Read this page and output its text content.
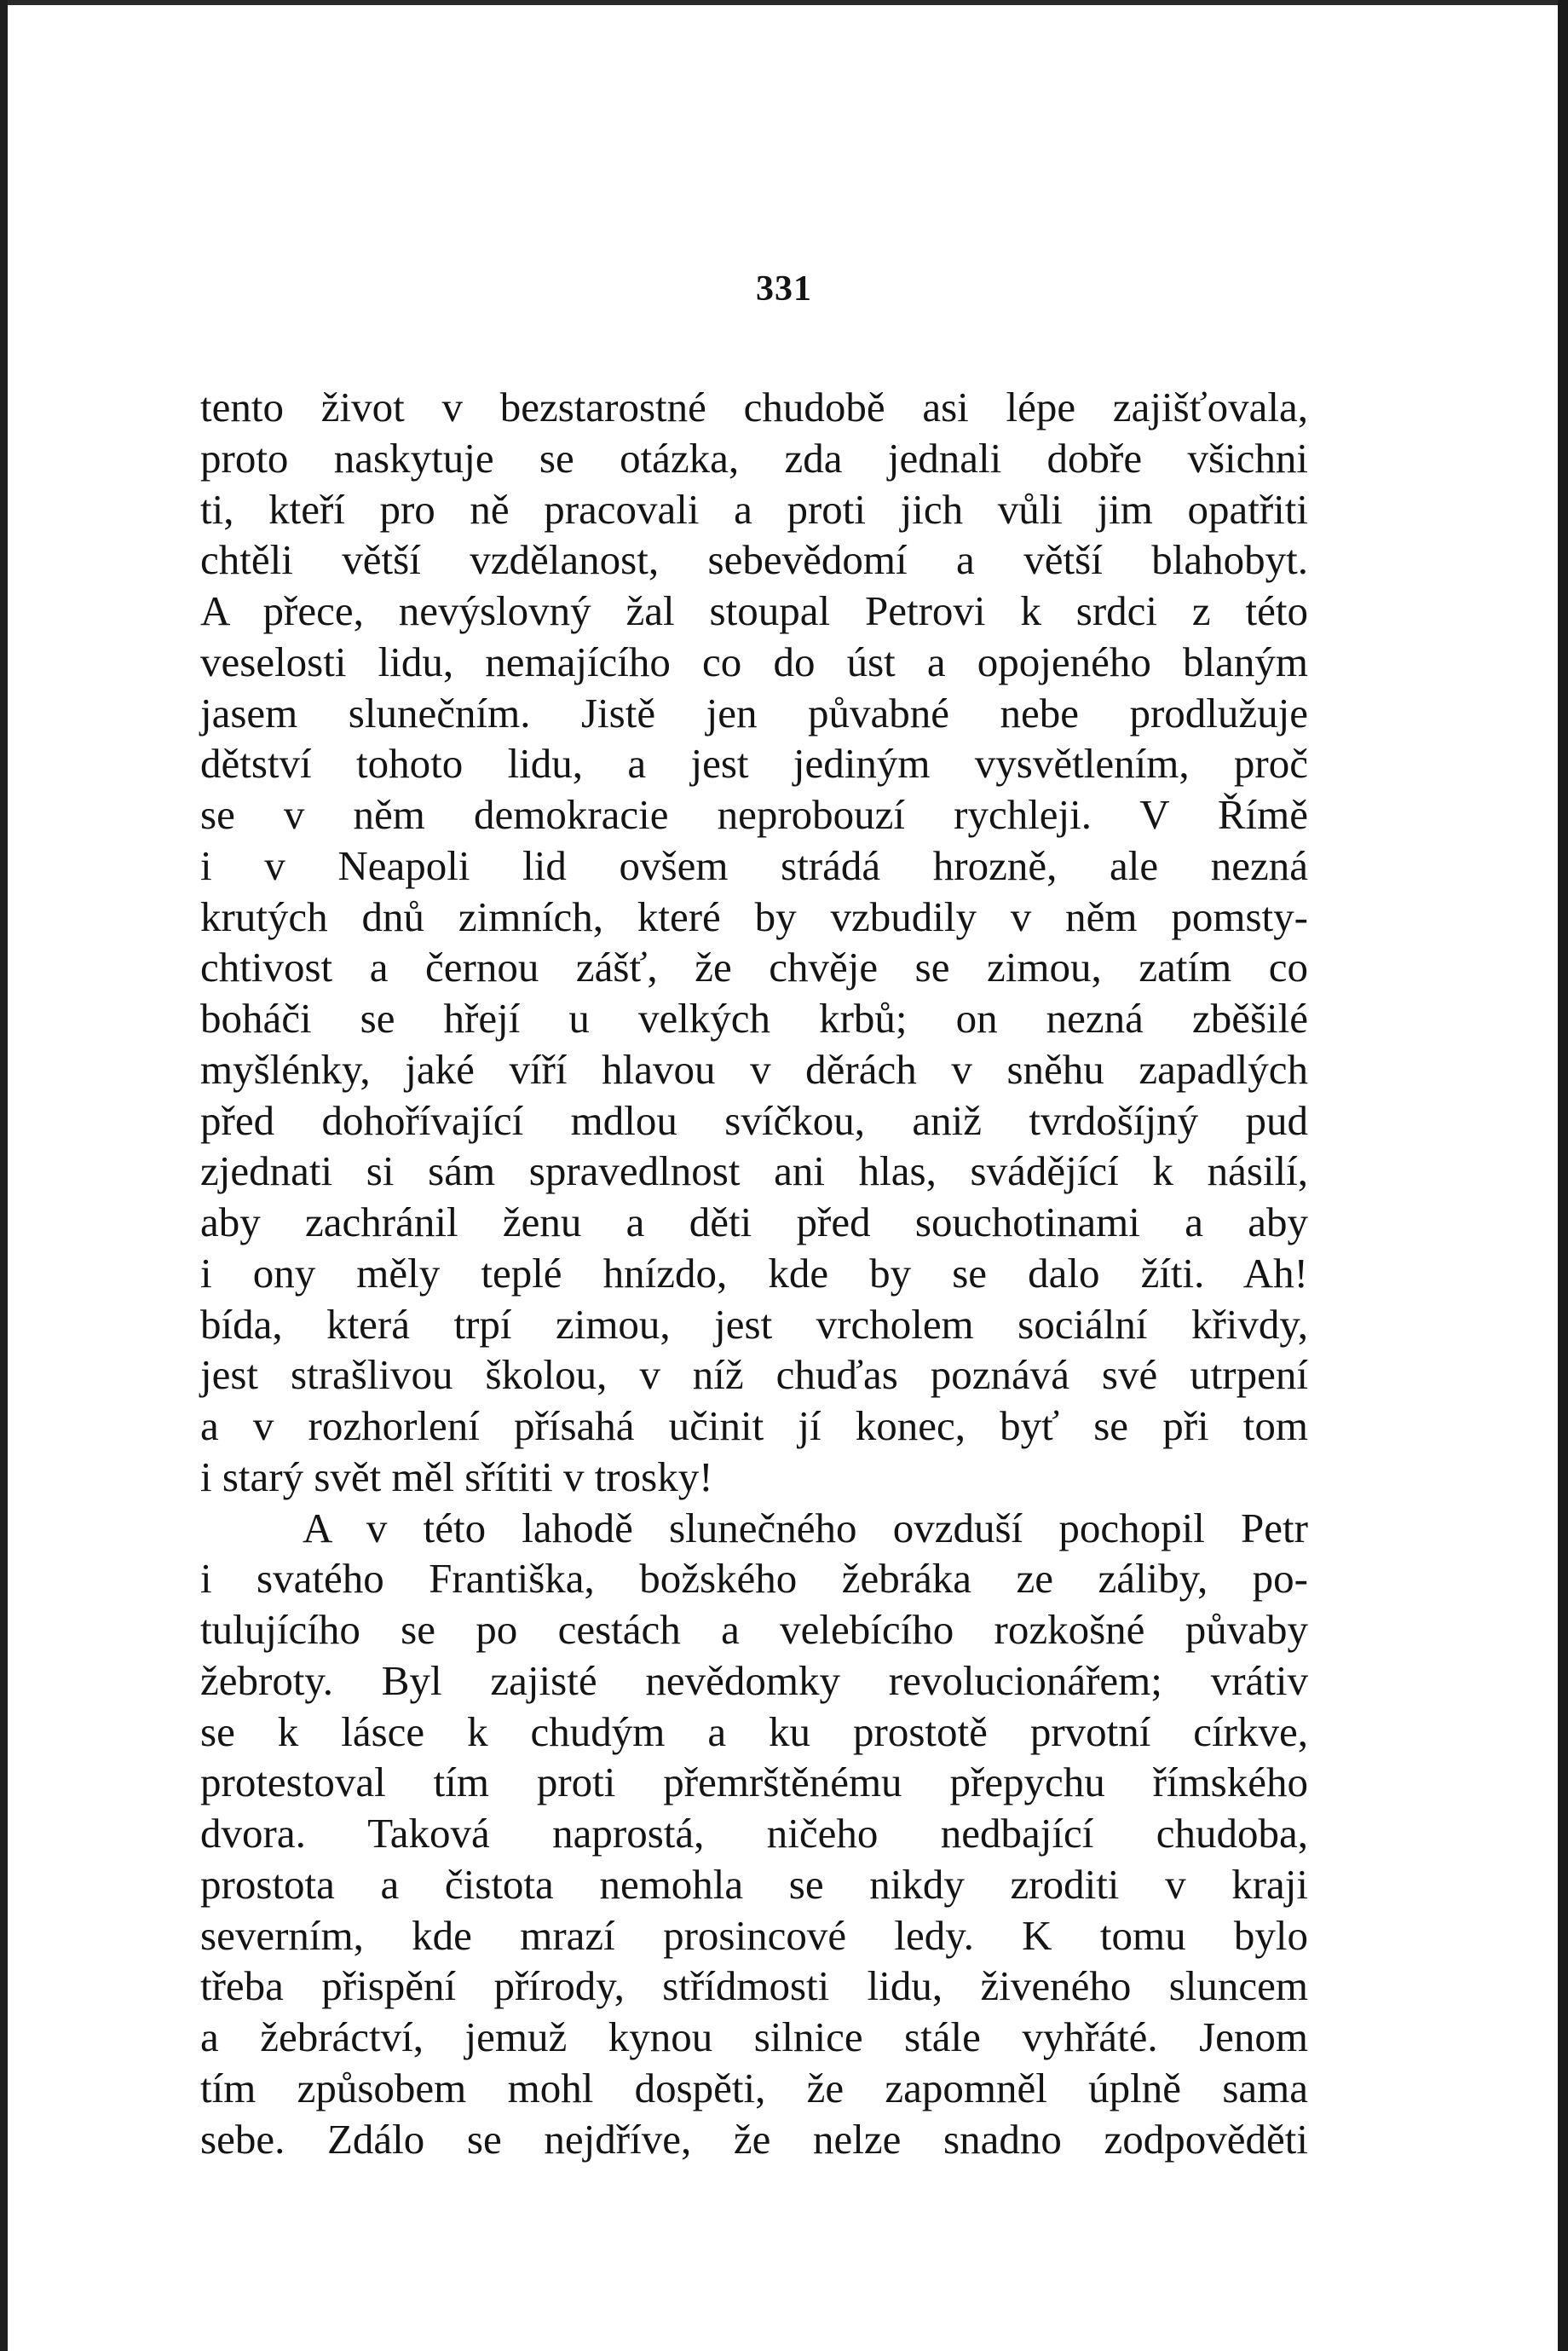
331
tento život v bezstarostné chudobě asi lépe zajišťovala,
proto naskytuje se otázka, zda jednali dobře všichni
ti, kteří pro ně pracovali a proti jich vůli jim opatřiti
chtěli větší vzdělanost, sebevědomí a větší blahobyt.
A přece, nevýslovný žal stoupal Petrovi k srdci z této
veselosti lidu, nemajícího co do úst a opojeného blaným
jasem slunečním. Jistě jen půvabné nebe prodlužuje
dětství tohoto lidu, a jest jediným vysvětlením, proč
se v něm demokracie neprobouzí rychleji. V Římě
i v Neapoli lid ovšem strádá hrozně, ale nezná
krutých dnů zimních, které by vzbudily v něm pomsty-
chtivost a černou zášť, že chvěje se zimou, zatím co
boháči se hřejí u velkých krbů; on nezná zběšilé
myšlénky, jaké víří hlavou v děrách v sněhu zapadlých
před dohořívající mdlou svíčkou, aniž tvrdošíjný pud
zjednati si sám spravedlnost ani hlas, svádějící k násilí,
aby zachránil ženu a děti před souchotinami a aby
i ony měly teplé hnízdo, kde by se dalo žíti. Ah!
bída, která trpí zimou, jest vrcholem sociální křivdy,
jest strašlivou školou, v níž chuďas poznává své utrpení
a v rozhorlení přísahá učinit jí konec, byť se při tom
i starý svět měl sřítiti v trosky!
A v této lahodě slunečného ovzduší pochopil Petr
i svatého Františka, božského žebráka ze záliby, po-
tulujícího se po cestách a velebícího rozkošné půvaby
žebroty. Byl zajisté nevědomky revolucionářem; vrátiv
se k lásce k chudým a ku prostotě prvotní církve,
protestoval tím proti přemrštěnému přepychu římského
dvora. Taková naprostá, ničeho nedbající chudoba,
prostota a čistota nemohla se nikdy zroditi v kraji
severním, kde mrazí prosincové ledy. K tomu bylo
třeba přispění přírody, střídmosti lidu, živeného sluncem
a žebráctví, jemuž kynou silnice stále vyhřáté. Jenom
tím způsobem mohl dospěti, že zapomněl úplně sama
sebe. Zdálo se nejdříve, že nelze snadno zodpověděti
